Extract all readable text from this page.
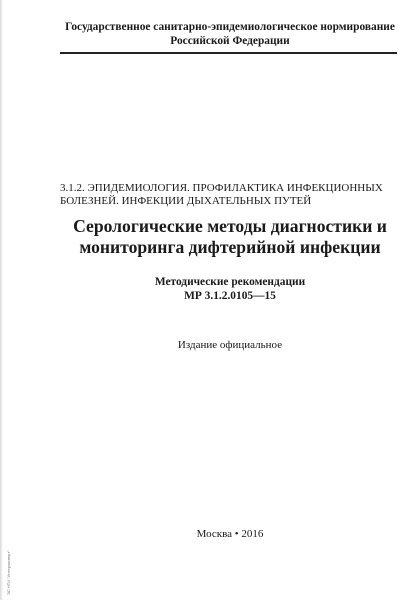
Государственное санитарно-эпидемиологическое нормирование
Российской Федерации
3.1.2. ЭПИДЕМИОЛОГИЯ. ПРОФИЛАКТИКА ИНФЕКЦИОННЫХ
БОЛЕЗНЕЙ. ИНФЕКЦИИ ДЫХАТЕЛЬНЫХ ПУТЕЙ
Серологические методы диагностики и
мониторинга дифтерийной инфекции
Методические рекомендации
МР 3.1.2.0105—15
Издание официальное
Москва • 2016
ЭС НТИ "Интерэксперт"
